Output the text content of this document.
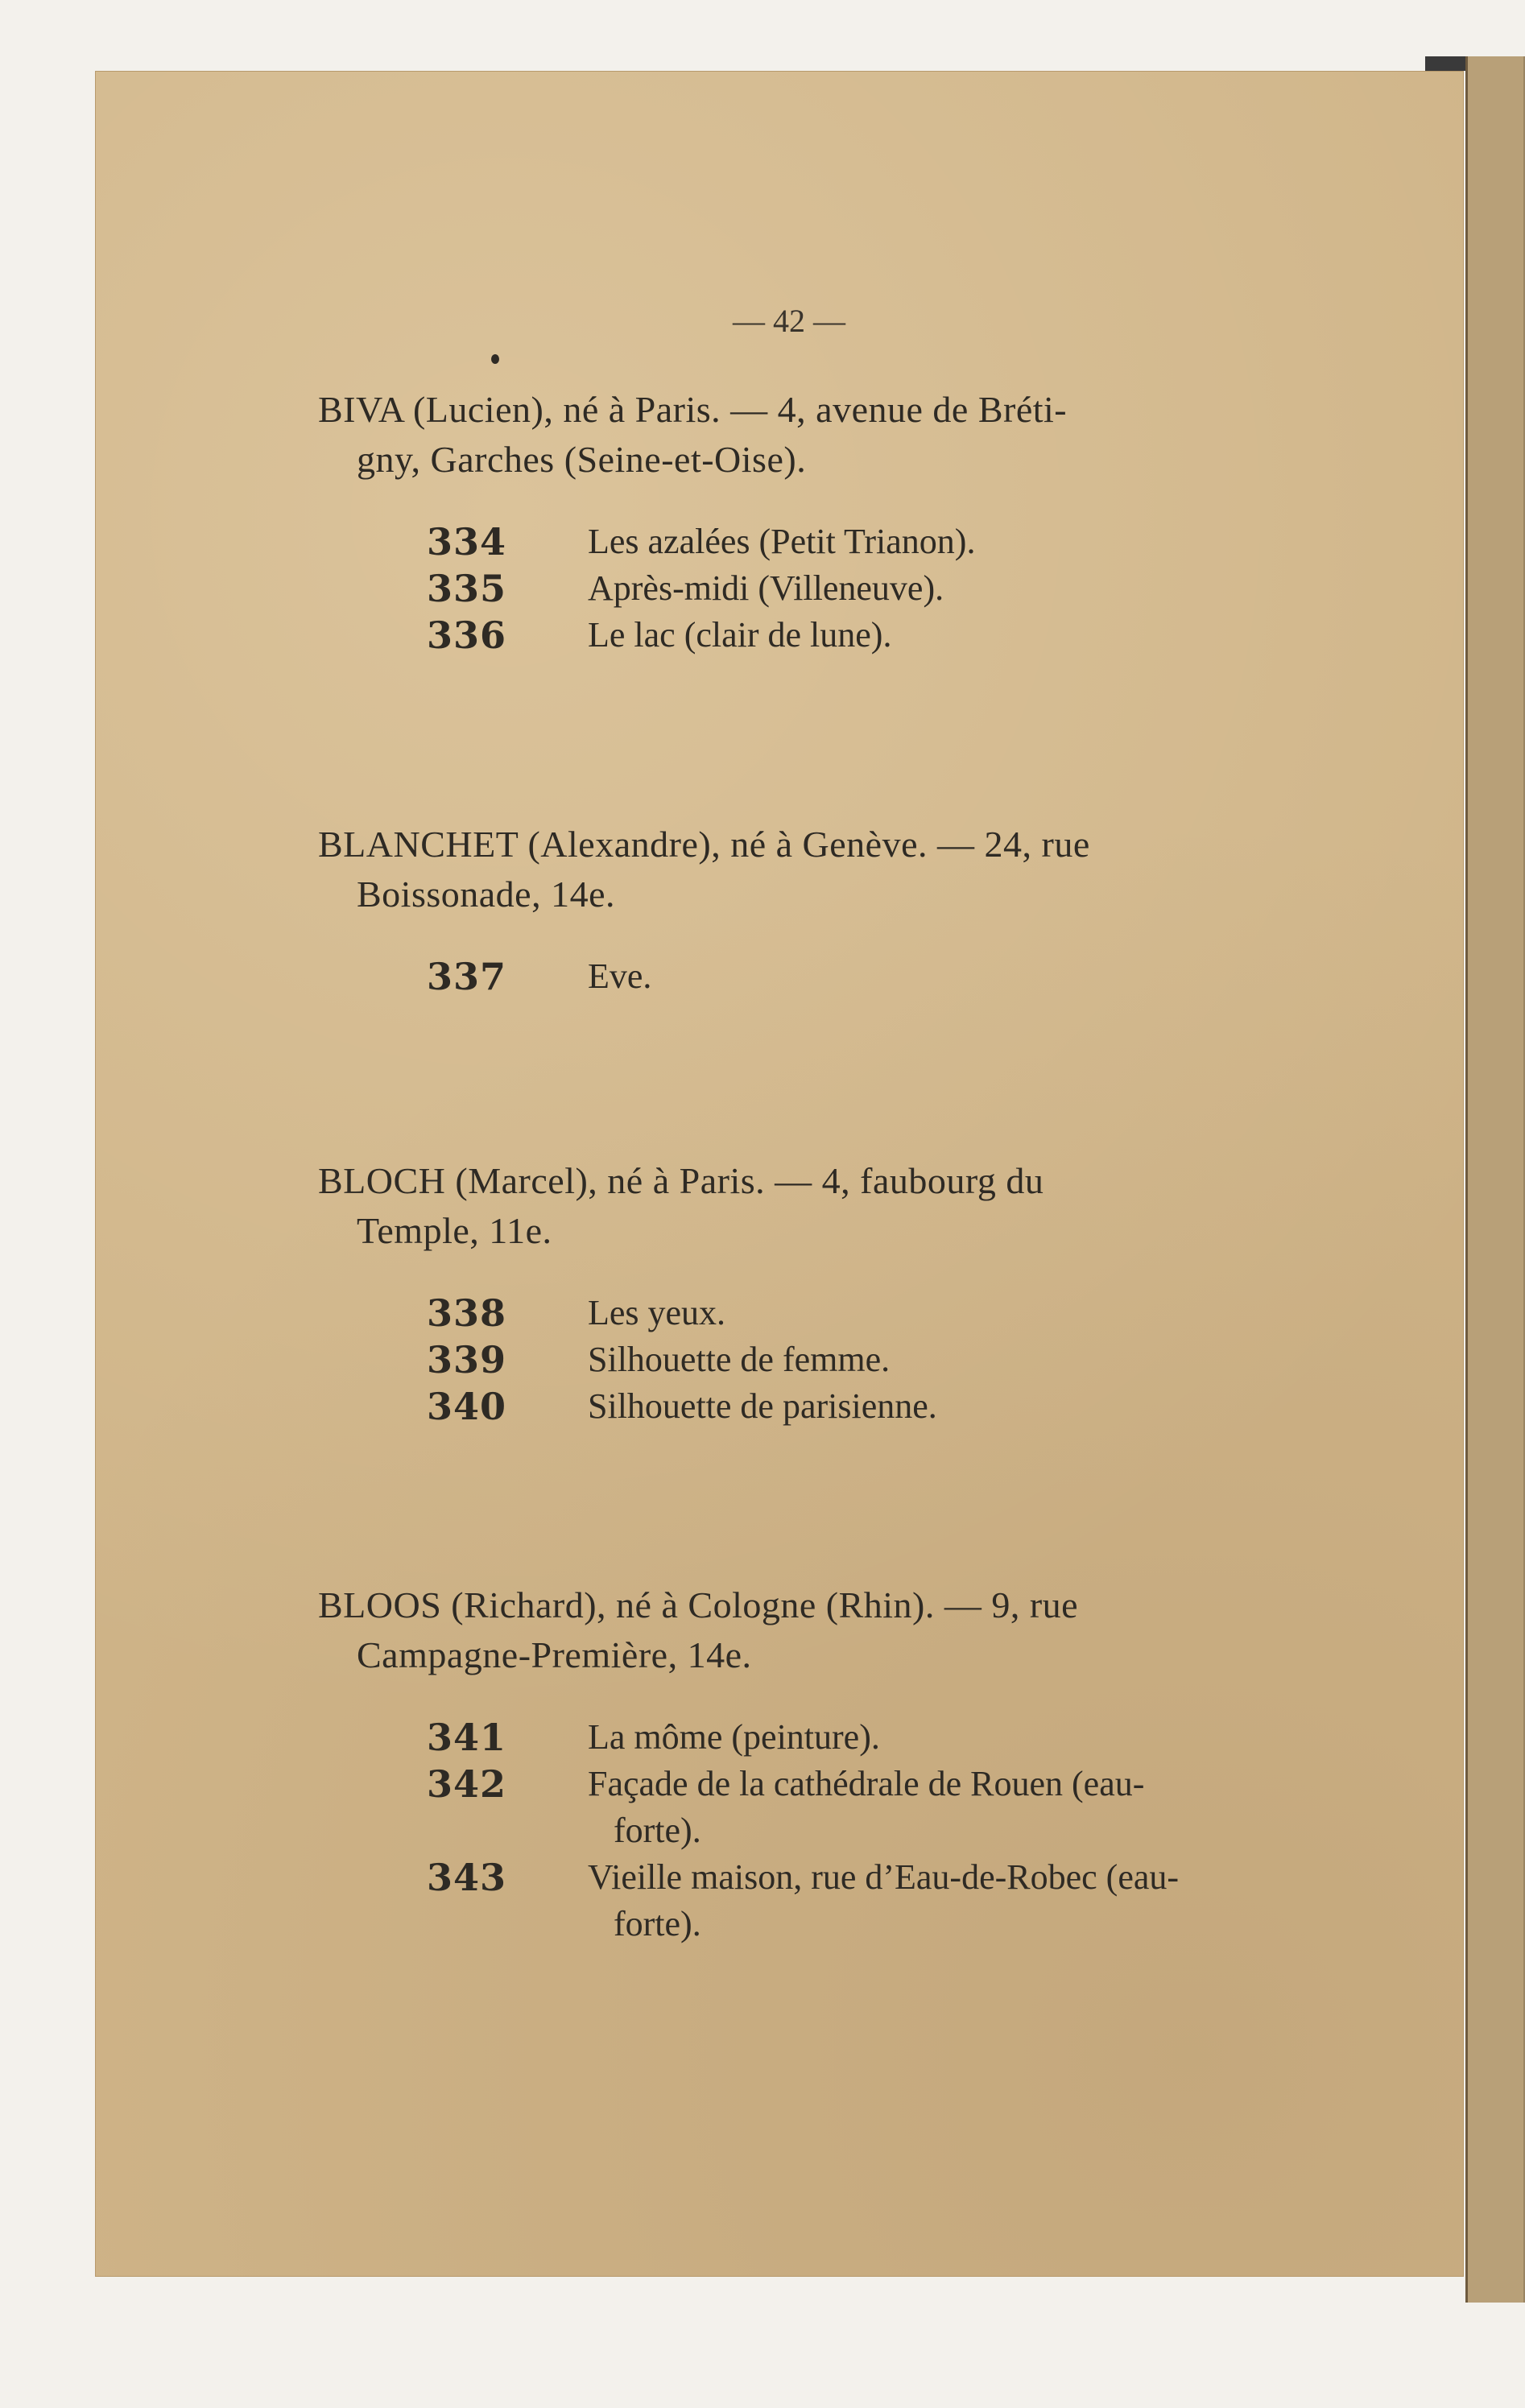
— 42 —
BIVA (Lucien), né à Paris. — 4, avenue de Bréti-
gny, Garches (Seine-et-Oise).
334	Les azalées (Petit Trianon).
335	Après-midi (Villeneuve).
336	Le lac (clair de lune).
BLANCHET (Alexandre), né à Genève. — 24, rue
Boissonade, 14e.
337	Eve.
BLOCH (Marcel), né à Paris. — 4, faubourg du
Temple, 11e.
338	Les yeux.
339	Silhouette de femme.
340	Silhouette de parisienne.
BLOOS (Richard), né à Cologne (Rhin). — 9, rue
Campagne-Première, 14e.
341	La môme (peinture).
342	Façade de la cathédrale de Rouen (eau-
forte).
343	Vieille maison, rue d’Eau-de-Robec (eau-
forte).
